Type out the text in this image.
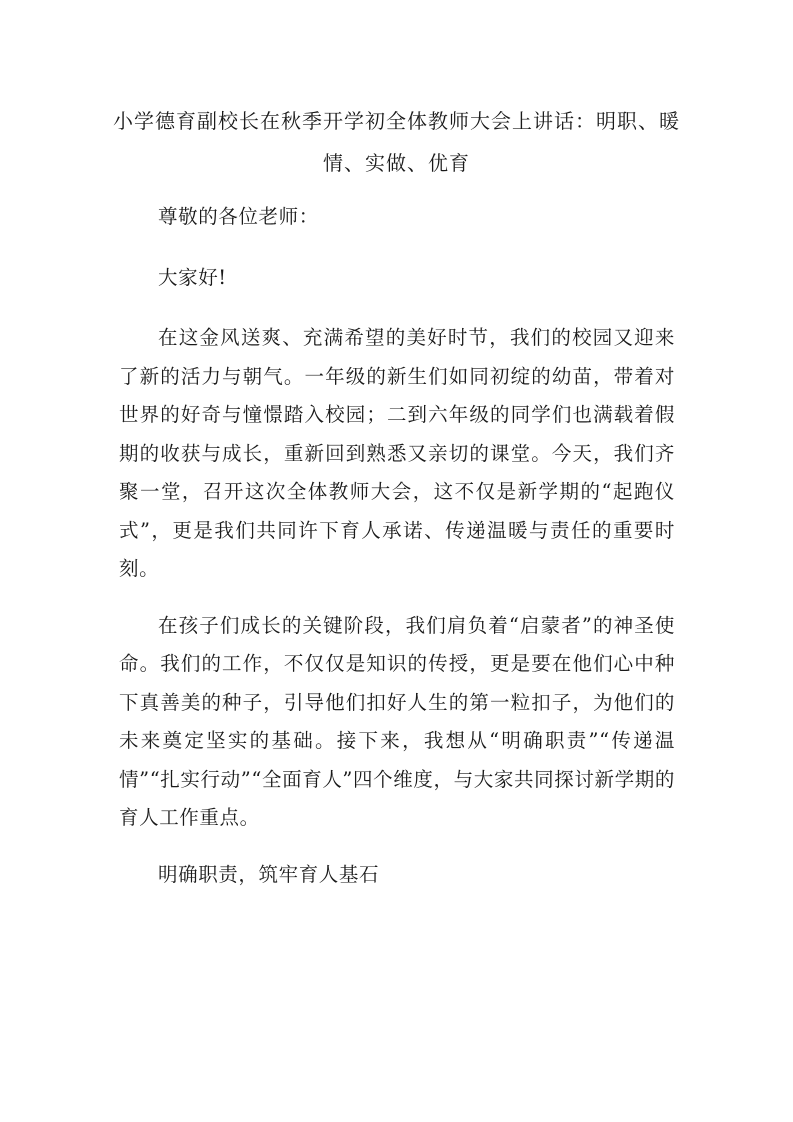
小学德育副校长在秋季开学初全体教师大会上讲话：明职、暖情、实做、优育

尊敬的各位老师：

大家好!

在这金风送爽、充满希望的美好时节，我们的校园又迎来了新的活力与朝气。一年级的新生们如同初绽的幼苗，带着对世界的好奇与憧憬踏入校园；二到六年级的同学们也满载着假期的收获与成长，重新回到熟悉又亲切的课堂。今天，我们齐聚一堂，召开这次全体教师大会，这不仅是新学期的“起跑仪式”，更是我们共同许下育人承诺、传递温暖与责任的重要时刻。

在孩子们成长的关键阶段，我们肩负着“启蒙者”的神圣使命。我们的工作，不仅仅是知识的传授，更是要在他们心中种下真善美的种子，引导他们扣好人生的第一粒扣子，为他们的未来奠定坚实的基础。接下来，我想从“明确职责”“传递温情”“扎实行动”“全面育人”四个维度，与大家共同探讨新学期的育人工作重点。

明确职责，筑牢育人基石
